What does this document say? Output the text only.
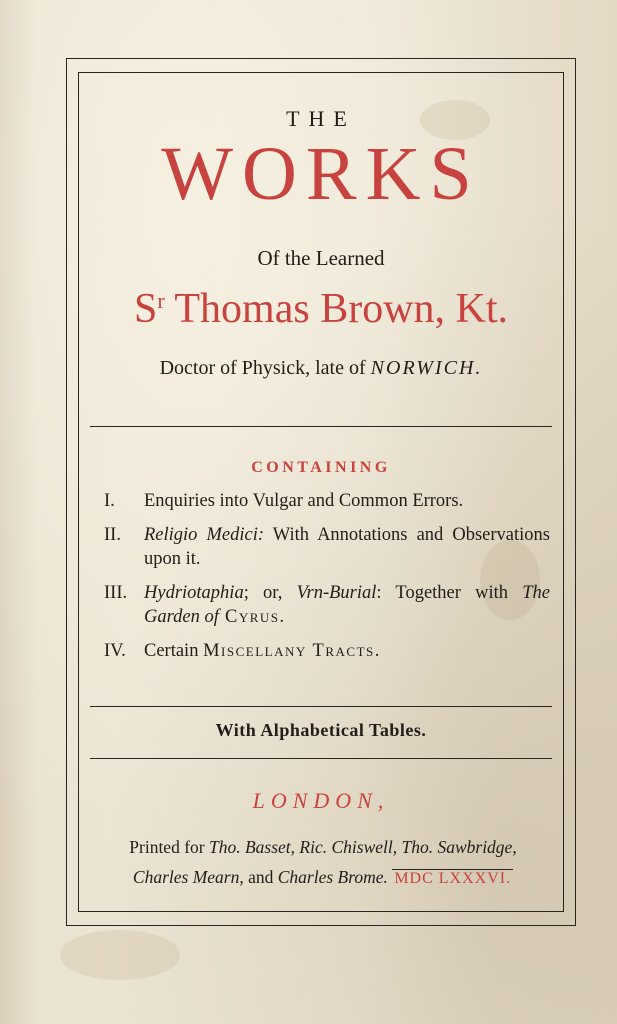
THE
WORKS
Of the Learned
$S^r$ Thomas Brown, Kt.
Doctor of Physick, late of NORWICH.
CONTAINING
I.	Enquiries into Vulgar and Common Errors.
II.	Religio Medici: With Annotations and Observations upon it.
III. Hydriotaphia; or, Vrn-Burial: Together with The Garden of Cyrus.
IV. Certain Miscellany Tracts.
With Alphabetical Tables.
LONDON,
Printed for Tho. Basset, Ric. Chiswell, Tho. Sawbridge,
Charles Mearn, and Charles Brome. MDC LXXXVI.
